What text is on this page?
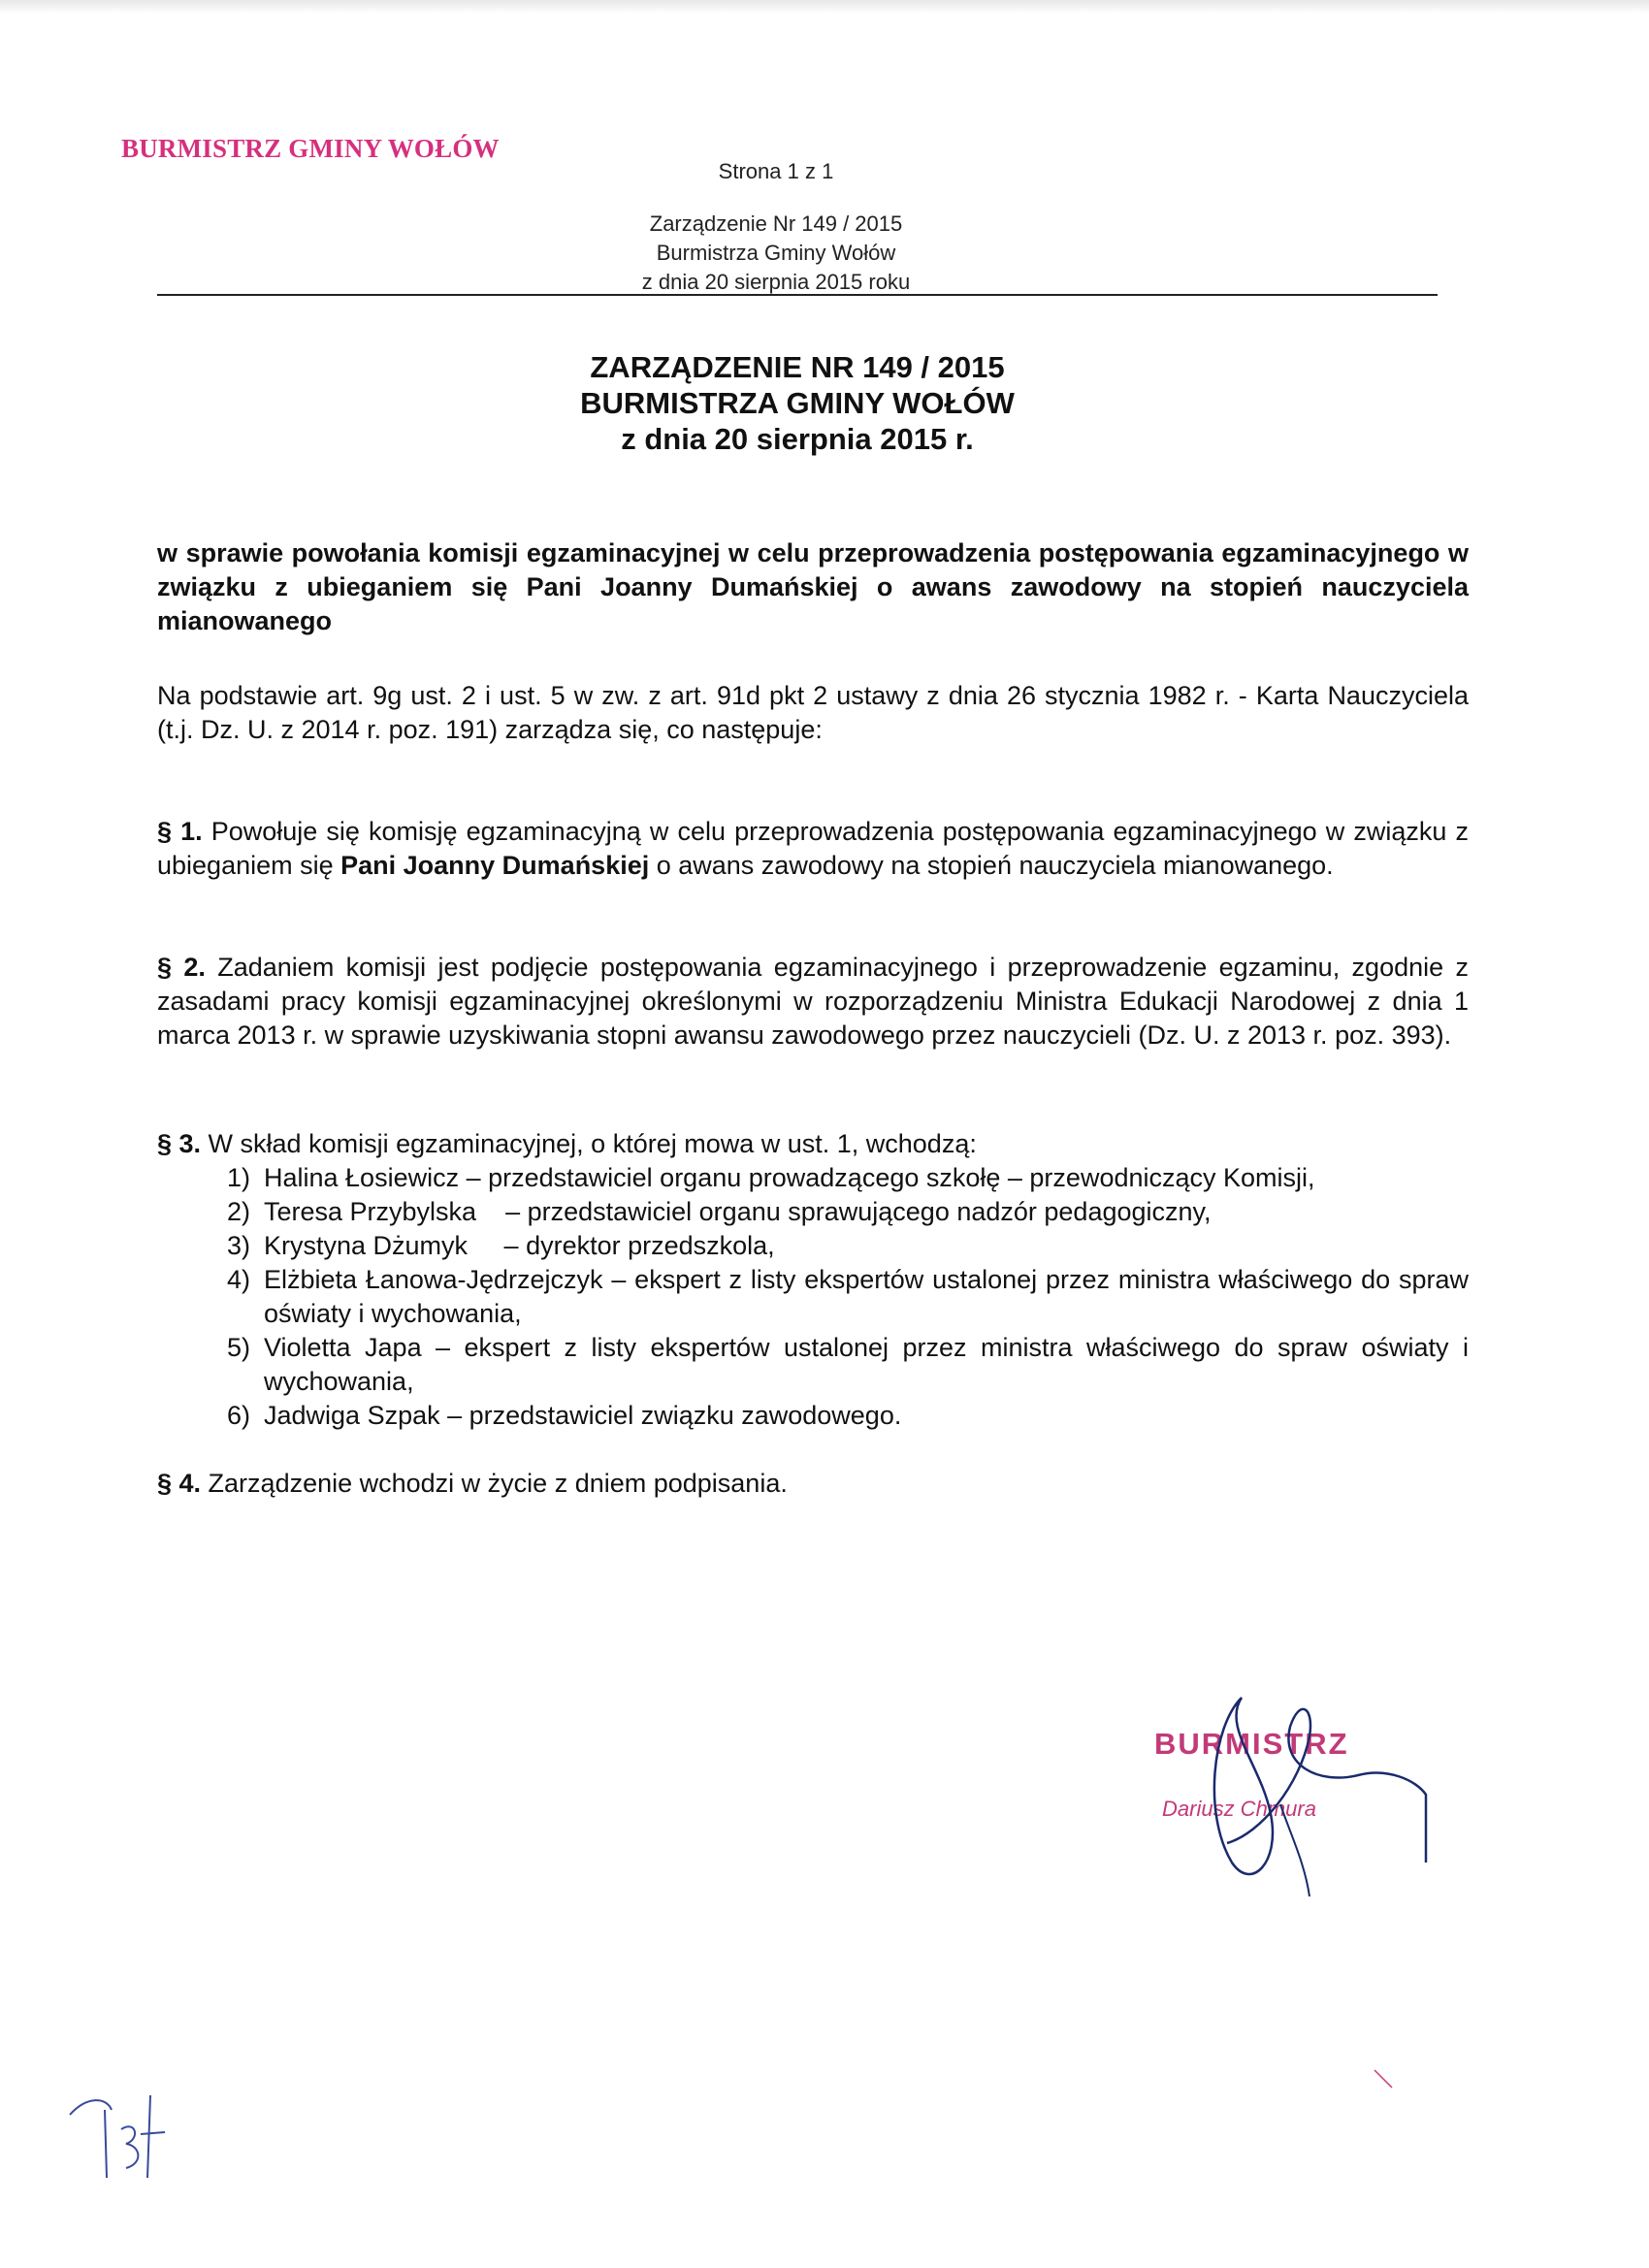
BURMISTRZ GMINY WOŁÓW
Strona 1 z 1
Zarządzenie Nr 149 / 2015
Burmistrza Gminy Wołów
z dnia 20 sierpnia 2015 roku
ZARZĄDZENIE NR 149 / 2015
BURMISTRZA GMINY WOŁÓW
z dnia 20 sierpnia 2015 r.
w sprawie powołania komisji egzaminacyjnej w celu przeprowadzenia postępowania egzaminacyjnego w związku z ubieganiem się Pani Joanny Dumańskiej o awans zawodowy na stopień nauczyciela mianowanego
Na podstawie art. 9g ust. 2 i ust. 5 w zw. z art. 91d pkt 2 ustawy z dnia 26 stycznia 1982 r. - Karta Nauczyciela (t.j. Dz. U. z 2014 r. poz. 191) zarządza się, co następuje:
§ 1. Powołuje się komisję egzaminacyjną w celu przeprowadzenia postępowania egzaminacyjnego w związku z ubieganiem się Pani Joanny Dumańskiej o awans zawodowy na stopień nauczyciela mianowanego.
§ 2. Zadaniem komisji jest podjęcie postępowania egzaminacyjnego i przeprowadzenie egzaminu, zgodnie z zasadami pracy komisji egzaminacyjnej określonymi w rozporządzeniu Ministra Edukacji Narodowej z dnia 1 marca 2013 r. w sprawie uzyskiwania stopni awansu zawodowego przez nauczycieli (Dz. U. z 2013 r. poz. 393).
§ 3. W skład komisji egzaminacyjnej, o której mowa w ust. 1, wchodzą:
1) Halina Łosiewicz – przedstawiciel organu prowadzącego szkołę – przewodniczący Komisji,
2) Teresa Przybylska    – przedstawiciel organu sprawującego nadzór pedagogiczny,
3) Krystyna Dżumyk     – dyrektor przedszkola,
4) Elżbieta Łanowa-Jędrzejczyk – ekspert z listy ekspertów ustalonej przez ministra właściwego do spraw oświaty i wychowania,
5) Violetta Japa – ekspert z listy ekspertów ustalonej przez ministra właściwego do spraw oświaty i wychowania,
6) Jadwiga Szpak – przedstawiciel związku zawodowego.
§ 4. Zarządzenie wchodzi w życie z dniem podpisania.
BURMISTRZ
Dariusz Chmura
